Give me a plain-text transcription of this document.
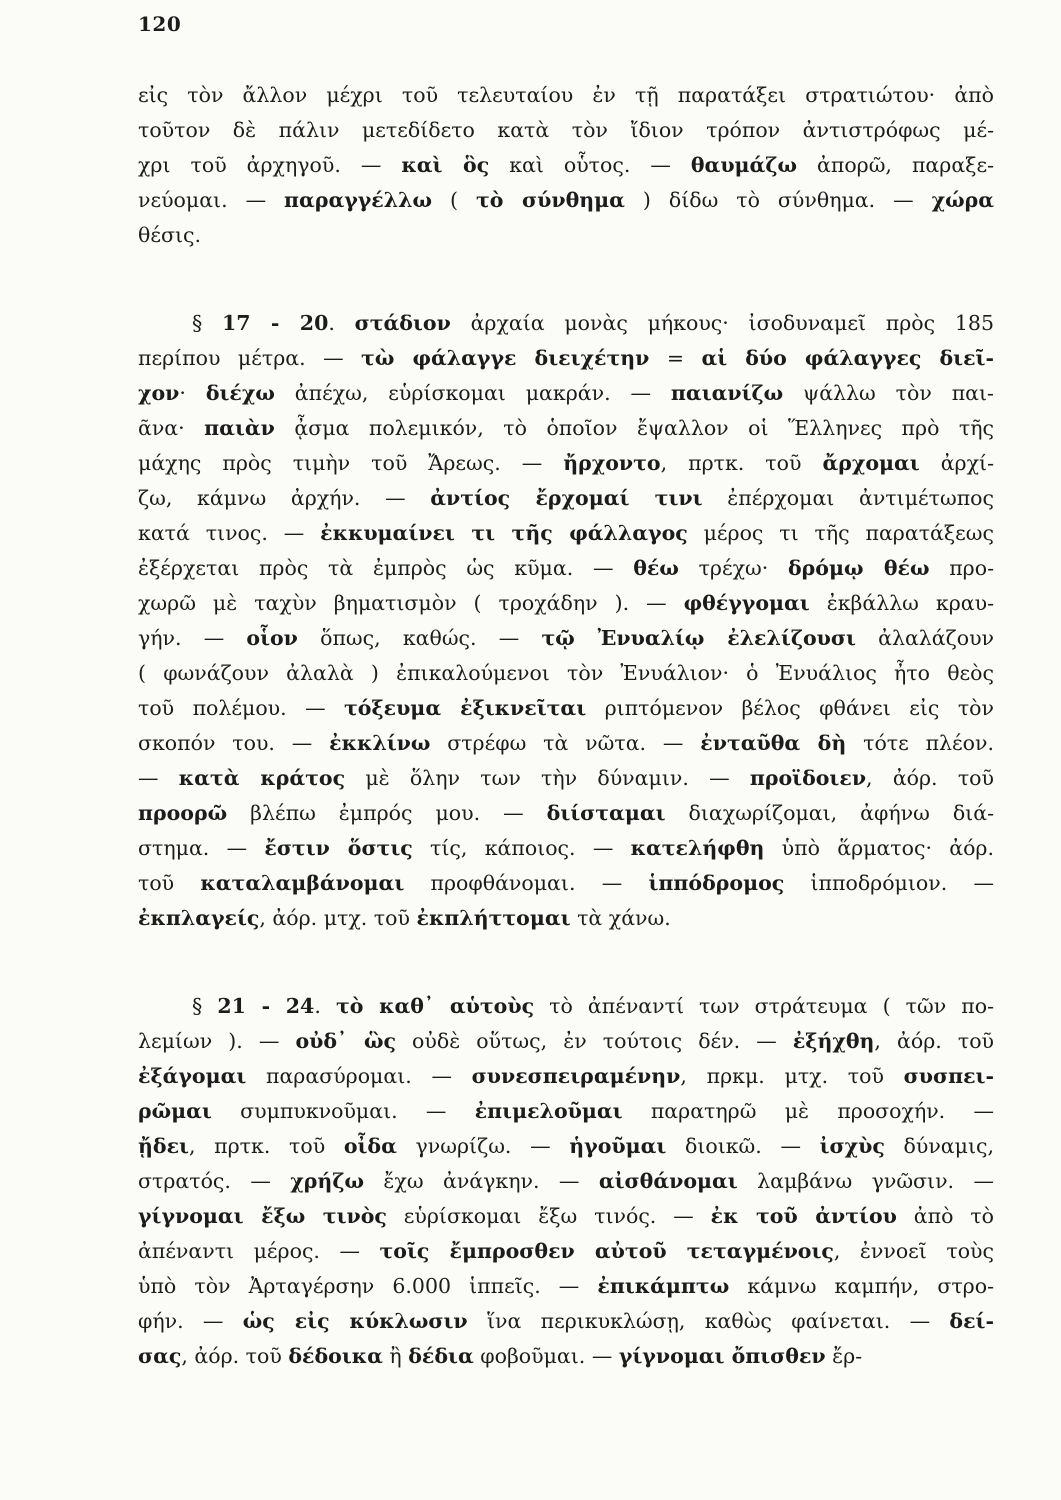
120
εἰς τὸν ἄλλον μέχρι τοῦ τελευταίου ἐν τῇ παρατάξει στρατιώτου· ἀπὸ
τοῦτον δὲ πάλιν μετεδίδετο κατὰ τὸν ἴδιον τρόπον ἀντιστρόφως μέ-
χρι τοῦ ἀρχηγοῦ. — καὶ ὃς καὶ οὗτος. — θαυμάζω ἀπορῶ, παραξε-
νεύομαι. — παραγγέλλω ( τὸ σύνθημα ) δίδω τὸ σύνθημα. — χώρα
θέσις.
§ 17 - 20. στάδιον ἀρχαία μονὰς μήκους· ἰσοδυναμεῖ πρὸς 185
περίπου μέτρα. — τὼ φάλαγγε διειχέτην = αἱ δύο φάλαγγες διεῖ-
χον· διέχω ἀπέχω, εὑρίσκομαι μακράν. — παιανίζω ψάλλω τὸν παι-
ᾶνα· παιὰν ᾆσμα πολεμικόν, τὸ ὁποῖον ἔψαλλον οἱ Ἕλληνες πρὸ τῆς
μάχης πρὸς τιμὴν τοῦ Ἄρεως. — ἤρχοντο, πρτκ. τοῦ ἄρχομαι ἀρχί-
ζω, κάμνω ἀρχήν. — ἀντίος ἔρχομαί τινι ἐπέρχομαι ἀντιμέτωπος
κατά τινος. — ἐκκυμαίνει τι τῆς φάλλαγος μέρος τι τῆς παρατάξεως
ἐξέρχεται πρὸς τὰ ἐμπρὸς ὡς κῦμα. — θέω τρέχω· δρόμῳ θέω προ-
χωρῶ μὲ ταχὺν βηματισμὸν ( τροχάδην ). — φθέγγομαι ἐκβάλλω κραυ-
γήν. — οἷον ὅπως, καθώς. — τῷ Ἐνυαλίῳ ἐλελίζουσι ἀλαλάζουν
( φωνάζουν ἀλαλὰ ) ἐπικαλούμενοι τὸν Ἐνυάλιον· ὁ Ἐνυάλιος ἦτο θεὸς
τοῦ πολέμου. — τόξευμα ἐξικνεῖται ριπτόμενον βέλος φθάνει εἰς τὸν
σκοπόν του. — ἐκκλίνω στρέφω τὰ νῶτα. — ἐνταῦθα δὴ τότε πλέον.
— κατὰ κράτος μὲ ὅλην των τὴν δύναμιν. — προϊδοιεν, ἀόρ. τοῦ
προορῶ βλέπω ἐμπρός μου. — διίσταμαι διαχωρίζομαι, ἀφήνω διά-
στημα. — ἔστιν ὅστις τίς, κάποιος. — κατελήφθη ὑπὸ ἅρματος· ἀόρ.
τοῦ καταλαμβάνομαι προφθάνομαι. — ἱππόδρομος ἱπποδρόμιον. —
ἐκπλαγείς, ἀόρ. μτχ. τοῦ ἐκπλήττομαι τὰ χάνω.
§ 21 - 24. τὸ καθ᾽ αὑτοὺς τὸ ἀπέναντί των στράτευμα ( τῶν πο-
λεμίων ). — οὐδ᾽ ὣς οὐδὲ οὕτως, ἐν τούτοις δέν. — ἐξήχθη, ἀόρ. τοῦ
ἐξάγομαι παρασύρομαι. — συνεσπειραμένην, πρκμ. μτχ. τοῦ συσπει-
ρῶμαι συμπυκνοῦμαι. — ἐπιμελοῦμαι παρατηρῶ μὲ προσοχήν. —
ᾔδει, πρτκ. τοῦ οἶδα γνωρίζω. — ἡγοῦμαι διοικῶ. — ἰσχὺς δύναμις,
στρατός. — χρήζω ἔχω ἀνάγκην. — αἰσθάνομαι λαμβάνω γνῶσιν. —
γίγνομαι ἔξω τινὸς εὑρίσκομαι ἔξω τινός. — ἐκ τοῦ ἀντίου ἀπὸ τὸ
ἀπέναντι μέρος. — τοῖς ἔμπροσθεν αὐτοῦ τεταγμένοις, ἐννοεῖ τοὺς
ὑπὸ τὸν Ἀρταγέρσην 6.000 ἱππεῖς. — ἐπικάμπτω κάμνω καμπήν, στρο-
φήν. — ὡς εἰς κύκλωσιν ἵνα περικυκλώσῃ, καθὼς φαίνεται. — δεί-
σας, ἀόρ. τοῦ δέδοικα ἢ δέδια φοβοῦμαι. — γίγνομαι ὄπισθεν ἔρ-
